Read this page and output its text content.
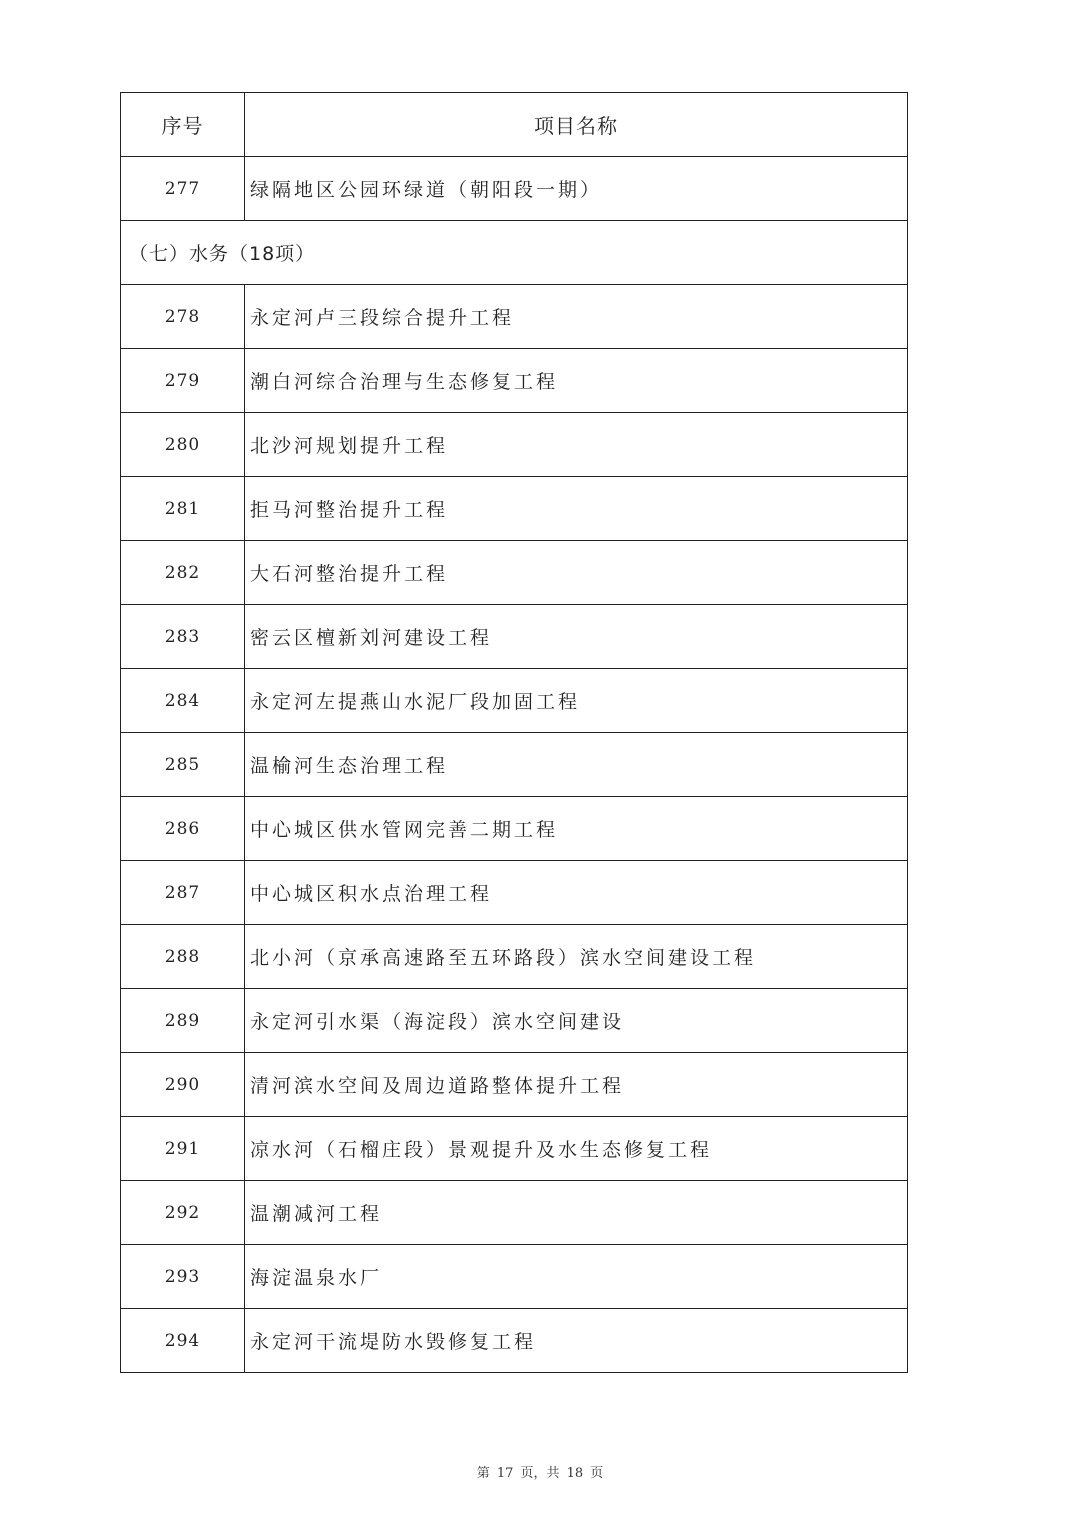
序号	项目名称
277	绿隔地区公园环绿道（朝阳段一期）
（七）水务（18项）	
278	永定河卢三段综合提升工程
279	潮白河综合治理与生态修复工程
280	北沙河规划提升工程
281	拒马河整治提升工程
282	大石河整治提升工程
283	密云区檀新刘河建设工程
284	永定河左提燕山水泥厂段加固工程
285	温榆河生态治理工程
286	中心城区供水管网完善二期工程
287	中心城区积水点治理工程
288	北小河（京承高速路至五环路段）滨水空间建设工程
289	永定河引水渠（海淀段）滨水空间建设
290	清河滨水空间及周边道路整体提升工程
291	凉水河（石榴庄段）景观提升及水生态修复工程
292	温潮减河工程
293	海淀温泉水厂
294	永定河干流堤防水毁修复工程
第 17 页，共 18 页
